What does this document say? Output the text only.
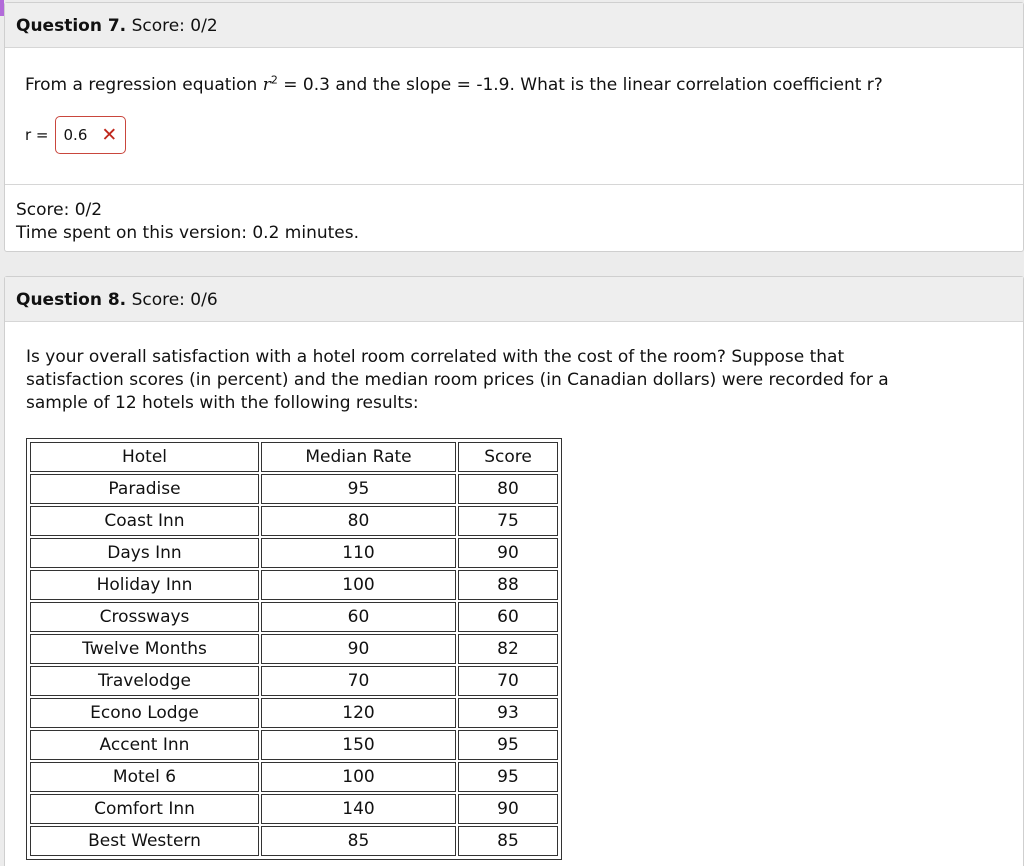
Question 7. Score: 0/2
From a regression equation $r^2 = 0.3$ and the slope = -1.9. What is the linear correlation coefficient r?
r = 0.6 ✕
Score: 0/2
Time spent on this version: 0.2 minutes.
Question 8. Score: 0/6
Is your overall satisfaction with a hotel room correlated with the cost of the room? Suppose that satisfaction scores (in percent) and the median room prices (in Canadian dollars) were recorded for a sample of 12 hotels with the following results:
Hotel	Median Rate	Score
Paradise	95	80
Coast Inn	80	75
Days Inn	110	90
Holiday Inn	100	88
Crossways	60	60
Twelve Months	90	82
Travelodge	70	70
Econo Lodge	120	93
Accent Inn	150	95
Motel 6	100	95
Comfort Inn	140	90
Best Western	85	85
